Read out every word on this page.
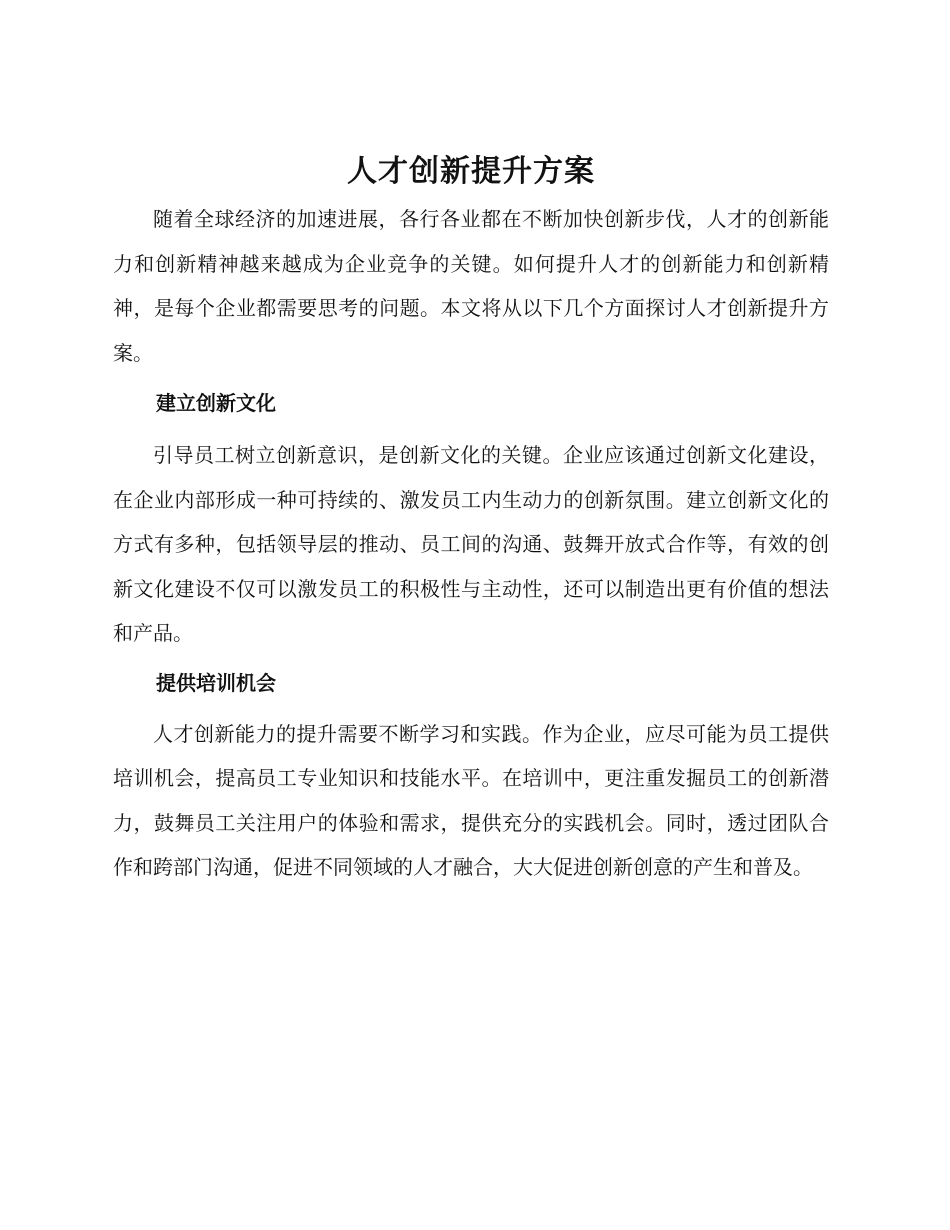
人才创新提升方案

随着全球经济的加速进展，各行各业都在不断加快创新步伐，人才的创新能力和创新精神越来越成为企业竞争的关键。如何提升人才的创新能力和创新精神，是每个企业都需要思考的问题。本文将从以下几个方面探讨人才创新提升方案。

建立创新文化

引导员工树立创新意识，是创新文化的关键。企业应该通过创新文化建设，在企业内部形成一种可持续的、激发员工内生动力的创新氛围。建立创新文化的方式有多种，包括领导层的推动、员工间的沟通、鼓舞开放式合作等，有效的创新文化建设不仅可以激发员工的积极性与主动性，还可以制造出更有价值的想法和产品。

提供培训机会

人才创新能力的提升需要不断学习和实践。作为企业，应尽可能为员工提供培训机会，提高员工专业知识和技能水平。在培训中，更注重发掘员工的创新潜力，鼓舞员工关注用户的体验和需求，提供充分的实践机会。同时，透过团队合作和跨部门沟通，促进不同领域的人才融合，大大促进创新创意的产生和普及。
